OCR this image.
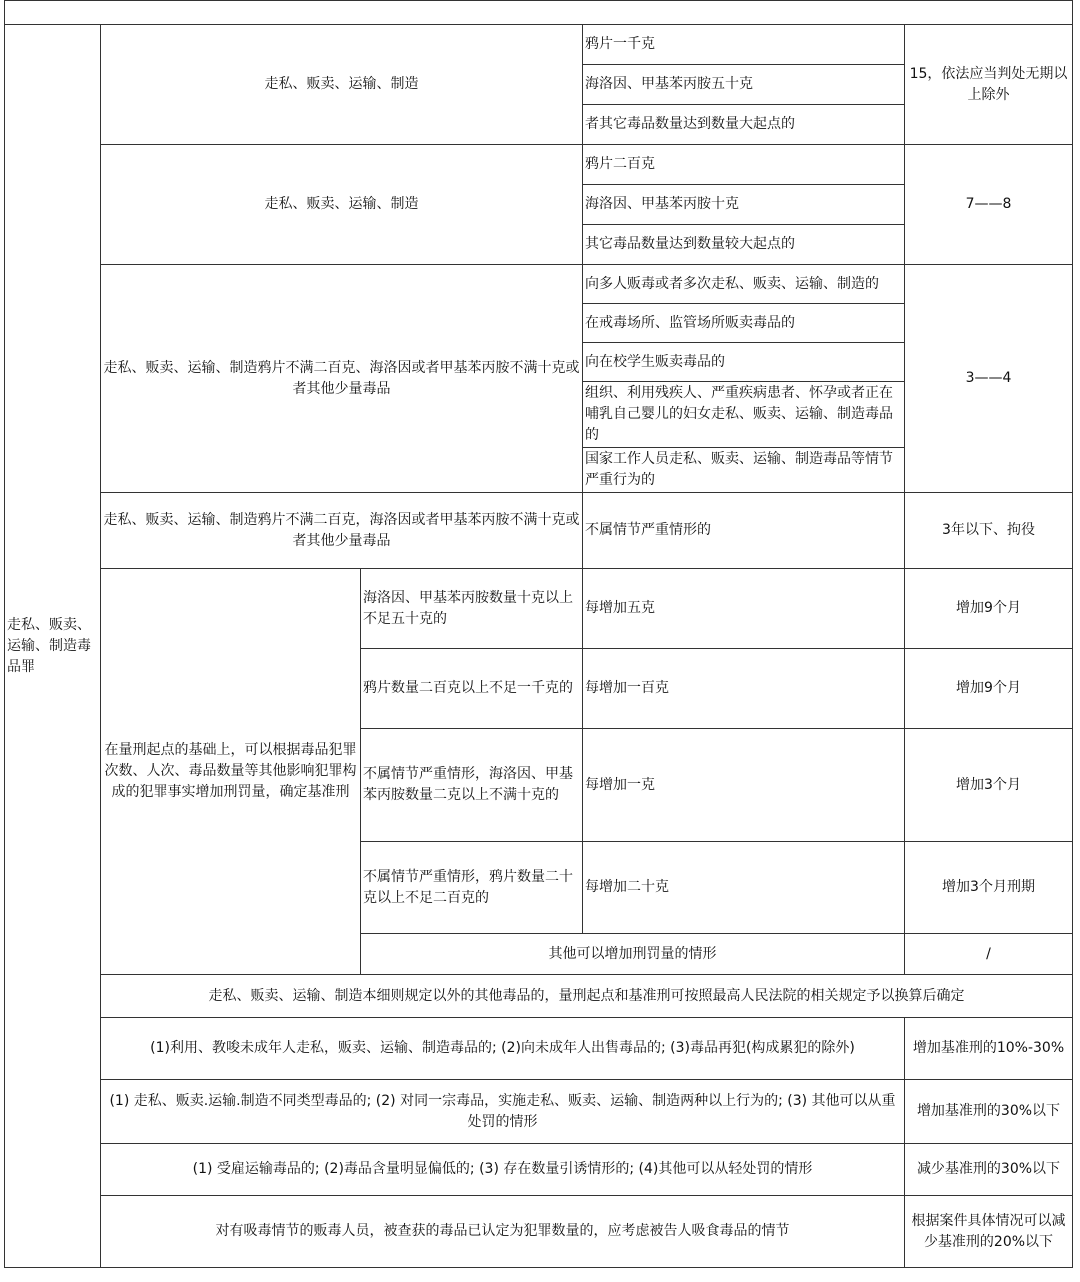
走私、贩卖、运输、制造毒品罪	走私、贩卖、运输、制造		鸦片一千克	15，依法应当判处无期以上除外
			海洛因、甲基苯丙胺五十克	
			者其它毒品数量达到数量大起点的	
	走私、贩卖、运输、制造		鸦片二百克	7——8
			海洛因、甲基苯丙胺十克	
			其它毒品数量达到数量较大起点的	
	走私、贩卖、运输、制造鸦片不满二百克、海洛因或者甲基苯丙胺不满十克或者其他少量毒品		向多人贩毒或者多次走私、贩卖、运输、制造的	3——4
			在戒毒场所、监管场所贩卖毒品的	
			向在校学生贩卖毒品的	
			组织、利用残疾人、严重疾病患者、怀孕或者正在哺乳自己婴儿的妇女走私、贩卖、运输、制造毒品的	
			国家工作人员走私、贩卖、运输、制造毒品等情节严重行为的	
	走私、贩卖、运输、制造鸦片不满二百克，海洛因或者甲基苯丙胺不满十克或者其他少量毒品		不属情节严重情形的	3年以下、拘役
	在量刑起点的基础上，可以根据毒品犯罪次数、人次、毒品数量等其他影响犯罪构成的犯罪事实增加刑罚量，确定基准刑	海洛因、甲基苯丙胺数量十克以上不足五十克的	每增加五克	增加9个月
		鸦片数量二百克以上不足一千克的	每增加一百克	增加9个月
		不属情节严重情形，海洛因、甲基苯丙胺数量二克以上不满十克的	每增加一克	增加3个月
		不属情节严重情形，鸦片数量二十克以上不足二百克的	每增加二十克	增加3个月刑期
		其他可以增加刑罚量的情形		/
	走私、贩卖、运输、制造本细则规定以外的其他毒品的，量刑起点和基准刑可按照最高人民法院的相关规定予以换算后确定			
	(1)利用、教唆未成年人走私，贩卖、运输、制造毒品的; (2)向未成年人出售毒品的; (3)毒品再犯(构成累犯的除外)			增加基准刑的10%-30%
	(1) 走私、贩卖.运输.制造不同类型毒品的; (2) 对同一宗毒品，实施走私、贩卖、运输、制造两种以上行为的; (3) 其他可以从重处罚的情形			增加基准刑的30%以下
	(1) 受雇运输毒品的; (2)毒品含量明显偏低的; (3) 存在数量引诱情形的; (4)其他可以从轻处罚的情形			减少基准刑的30%以下
	对有吸毒情节的贩毒人员，被查获的毒品已认定为犯罪数量的，应考虑被告人吸食毒品的情节			根据案件具体情况可以减少基准刑的20%以下
